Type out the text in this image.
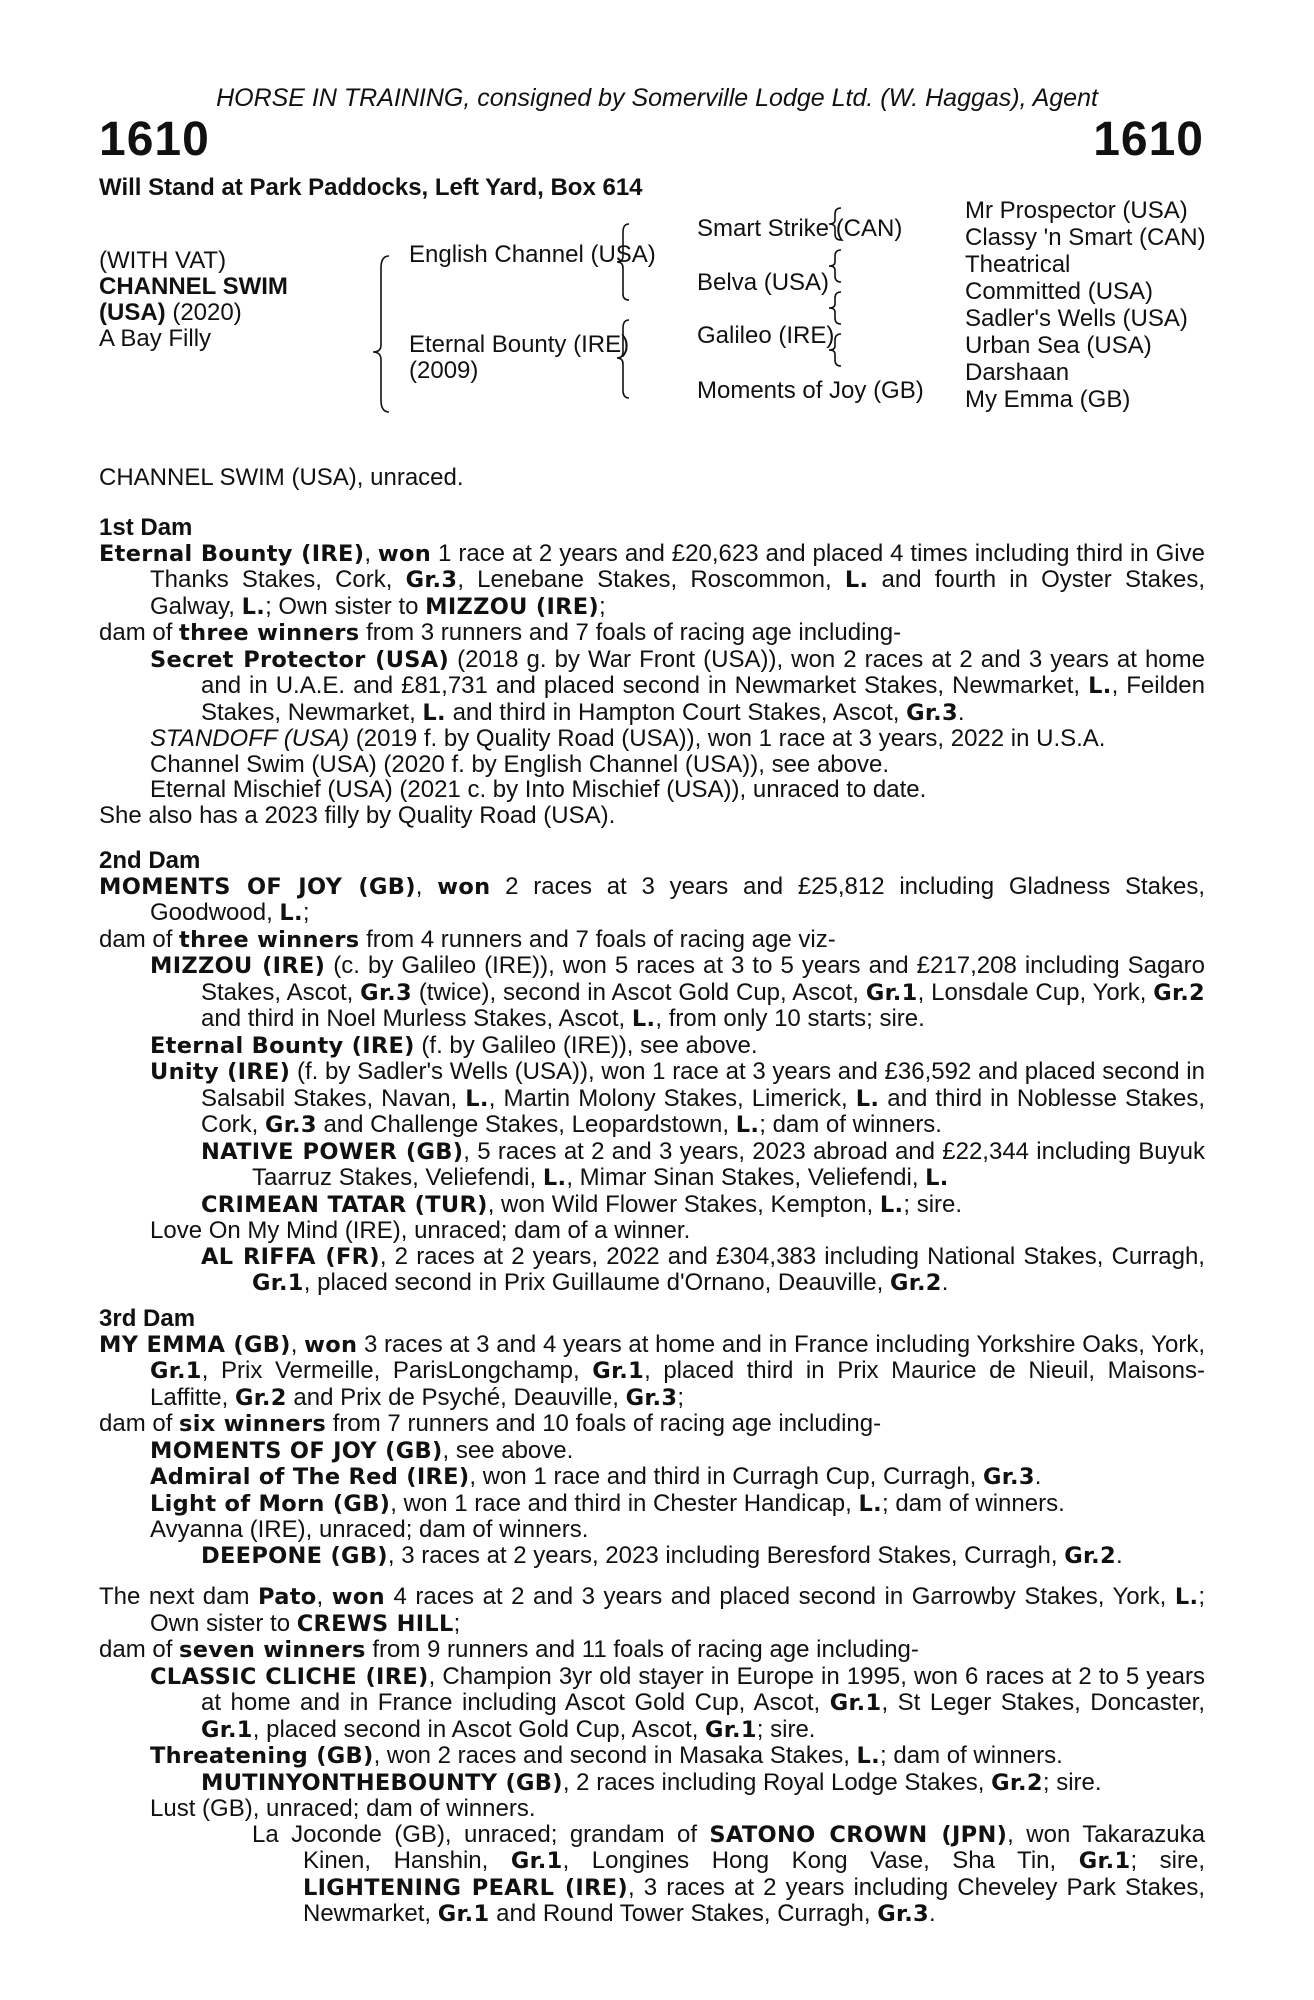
HORSE IN TRAINING, consigned by Somerville Lodge Ltd. (W. Haggas), Agent
1610	1610
Will Stand at Park Paddocks, Left Yard, Box 614
(WITH VAT)
CHANNEL SWIM
(USA) (2020)
A Bay Filly
English Channel (USA)
Eternal Bounty (IRE)
(2009)
Smart Strike (CAN)
Belva (USA)
Galileo (IRE)
Moments of Joy (GB)
Mr Prospector (USA)
Classy 'n Smart (CAN)
Theatrical
Committed (USA)
Sadler's Wells (USA)
Urban Sea (USA)
Darshaan
My Emma (GB)

CHANNEL SWIM (USA), unraced.

1st Dam

Eternal Bounty (IRE), won 1 race at 2 years and £20,623 and placed 4 times including third in Give Thanks Stakes, Cork, Gr.3, Lenebane Stakes, Roscommon, L. and fourth in Oyster Stakes, Galway, L.; Own sister to MIZZOU (IRE);

dam of three winners from 3 runners and 7 foals of racing age including-

Secret Protector (USA) (2018 g. by War Front (USA)), won 2 races at 2 and 3 years at home and in U.A.E. and £81,731 and placed second in Newmarket Stakes, Newmarket, L., Feilden Stakes, Newmarket, L. and third in Hampton Court Stakes, Ascot, Gr.3.

STANDOFF (USA) (2019 f. by Quality Road (USA)), won 1 race at 3 years, 2022 in U.S.A.

Channel Swim (USA) (2020 f. by English Channel (USA)), see above.

Eternal Mischief (USA) (2021 c. by Into Mischief (USA)), unraced to date.

She also has a 2023 filly by Quality Road (USA).

2nd Dam

MOMENTS OF JOY (GB), won 2 races at 3 years and £25,812 including Gladness Stakes, Goodwood, L.;

dam of three winners from 4 runners and 7 foals of racing age viz-

MIZZOU (IRE) (c. by Galileo (IRE)), won 5 races at 3 to 5 years and £217,208 including Sagaro Stakes, Ascot, Gr.3 (twice), second in Ascot Gold Cup, Ascot, Gr.1, Lonsdale Cup, York, Gr.2 and third in Noel Murless Stakes, Ascot, L., from only 10 starts; sire.

Eternal Bounty (IRE) (f. by Galileo (IRE)), see above.

Unity (IRE) (f. by Sadler's Wells (USA)), won 1 race at 3 years and £36,592 and placed second in Salsabil Stakes, Navan, L., Martin Molony Stakes, Limerick, L. and third in Noblesse Stakes, Cork, Gr.3 and Challenge Stakes, Leopardstown, L.; dam of winners.

NATIVE POWER (GB), 5 races at 2 and 3 years, 2023 abroad and £22,344 including Buyuk Taarruz Stakes, Veliefendi, L., Mimar Sinan Stakes, Veliefendi, L.

CRIMEAN TATAR (TUR), won Wild Flower Stakes, Kempton, L.; sire.

Love On My Mind (IRE), unraced; dam of a winner.

AL RIFFA (FR), 2 races at 2 years, 2022 and £304,383 including National Stakes, Curragh, Gr.1, placed second in Prix Guillaume d'Ornano, Deauville, Gr.2.

3rd Dam

MY EMMA (GB), won 3 races at 3 and 4 years at home and in France including Yorkshire Oaks, York, Gr.1, Prix Vermeille, ParisLongchamp, Gr.1, placed third in Prix Maurice de Nieuil, Maisons-Laffitte, Gr.2 and Prix de Psyché, Deauville, Gr.3;

dam of six winners from 7 runners and 10 foals of racing age including-

MOMENTS OF JOY (GB), see above.

Admiral of The Red (IRE), won 1 race and third in Curragh Cup, Curragh, Gr.3.

Light of Morn (GB), won 1 race and third in Chester Handicap, L.; dam of winners.

Avyanna (IRE), unraced; dam of winners.

DEEPONE (GB), 3 races at 2 years, 2023 including Beresford Stakes, Curragh, Gr.2.

The next dam Pato, won 4 races at 2 and 3 years and placed second in Garrowby Stakes, York, L.; Own sister to CREWS HILL;

dam of seven winners from 9 runners and 11 foals of racing age including-

CLASSIC CLICHE (IRE), Champion 3yr old stayer in Europe in 1995, won 6 races at 2 to 5 years at home and in France including Ascot Gold Cup, Ascot, Gr.1, St Leger Stakes, Doncaster, Gr.1, placed second in Ascot Gold Cup, Ascot, Gr.1; sire.

Threatening (GB), won 2 races and second in Masaka Stakes, L.; dam of winners.

MUTINYONTHEBOUNTY (GB), 2 races including Royal Lodge Stakes, Gr.2; sire.

Lust (GB), unraced; dam of winners.

La Joconde (GB), unraced; grandam of SATONO CROWN (JPN), won Takarazuka Kinen, Hanshin, Gr.1, Longines Hong Kong Vase, Sha Tin, Gr.1; sire, LIGHTENING PEARL (IRE), 3 races at 2 years including Cheveley Park Stakes, Newmarket, Gr.1 and Round Tower Stakes, Curragh, Gr.3.
